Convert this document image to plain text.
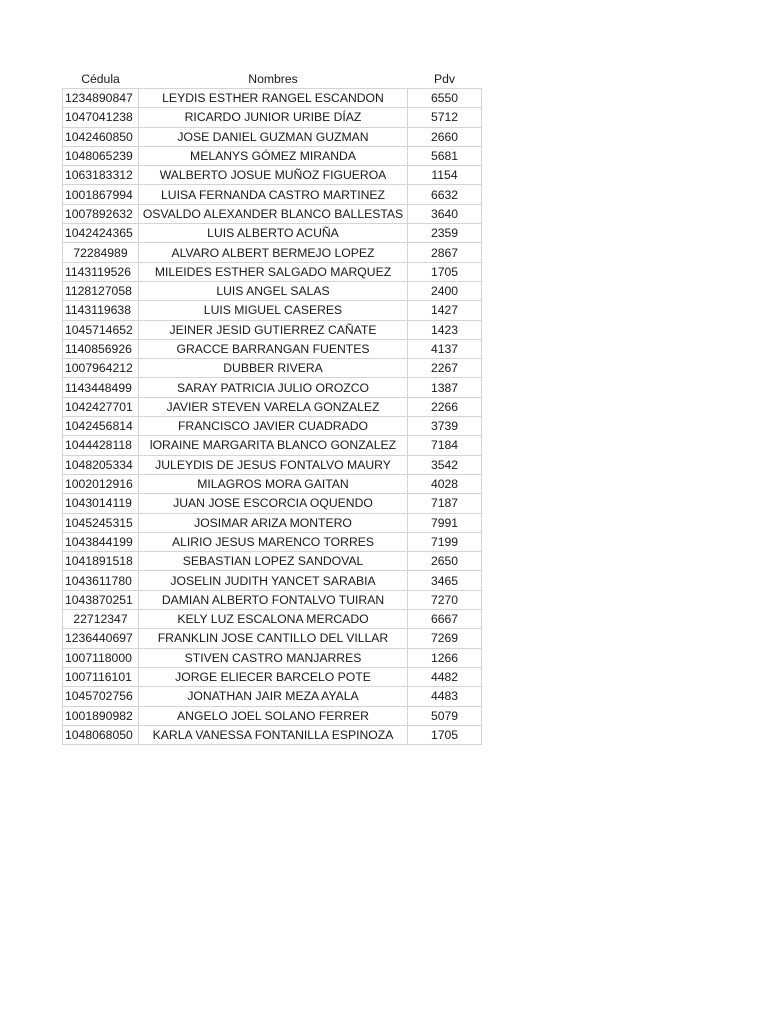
Cédula	Nombres	Pdv
1234890847	LEYDIS ESTHER RANGEL ESCANDON	6550
1047041238	RICARDO JUNIOR URIBE DÍAZ	5712
1042460850	JOSE DANIEL GUZMAN GUZMAN	2660
1048065239	MELANYS GÓMEZ MIRANDA	5681
1063183312	WALBERTO JOSUE MUÑOZ FIGUEROA	1154
1001867994	LUISA FERNANDA CASTRO MARTINEZ	6632
1007892632	OSVALDO ALEXANDER BLANCO BALLESTAS	3640
1042424365	LUIS ALBERTO ACUÑA	2359
72284989	ALVARO ALBERT BERMEJO LOPEZ	2867
1143119526	MILEIDES ESTHER SALGADO MARQUEZ	1705
1128127058	LUIS ANGEL SALAS	2400
1143119638	LUIS MIGUEL CASERES	1427
1045714652	JEINER JESID GUTIERREZ CAÑATE	1423
1140856926	GRACCE BARRANGAN FUENTES	4137
1007964212	DUBBER RIVERA	2267
1143448499	SARAY PATRICIA JULIO OROZCO	1387
1042427701	JAVIER STEVEN VARELA GONZALEZ	2266
1042456814	FRANCISCO JAVIER CUADRADO	3739
1044428118	lORAINE MARGARITA BLANCO GONZALEZ	7184
1048205334	JULEYDIS DE JESUS FONTALVO MAURY	3542
1002012916	MILAGROS MORA GAITAN	4028
1043014119	JUAN JOSE ESCORCIA OQUENDO	7187
1045245315	JOSIMAR ARIZA MONTERO	7991
1043844199	ALIRIO JESUS MARENCO TORRES	7199
1041891518	SEBASTIAN LOPEZ SANDOVAL	2650
1043611780	JOSELIN JUDITH YANCET SARABIA	3465
1043870251	DAMIAN ALBERTO FONTALVO TUIRAN	7270
22712347	KELY LUZ ESCALONA MERCADO	6667
1236440697	FRANKLIN JOSE CANTILLO DEL VILLAR	7269
1007118000	STIVEN CASTRO MANJARRES	1266
1007116101	JORGE ELIECER BARCELO POTE	4482
1045702756	JONATHAN JAIR MEZA AYALA	4483
1001890982	ANGELO JOEL SOLANO FERRER	5079
1048068050	KARLA VANESSA FONTANILLA ESPINOZA	1705
